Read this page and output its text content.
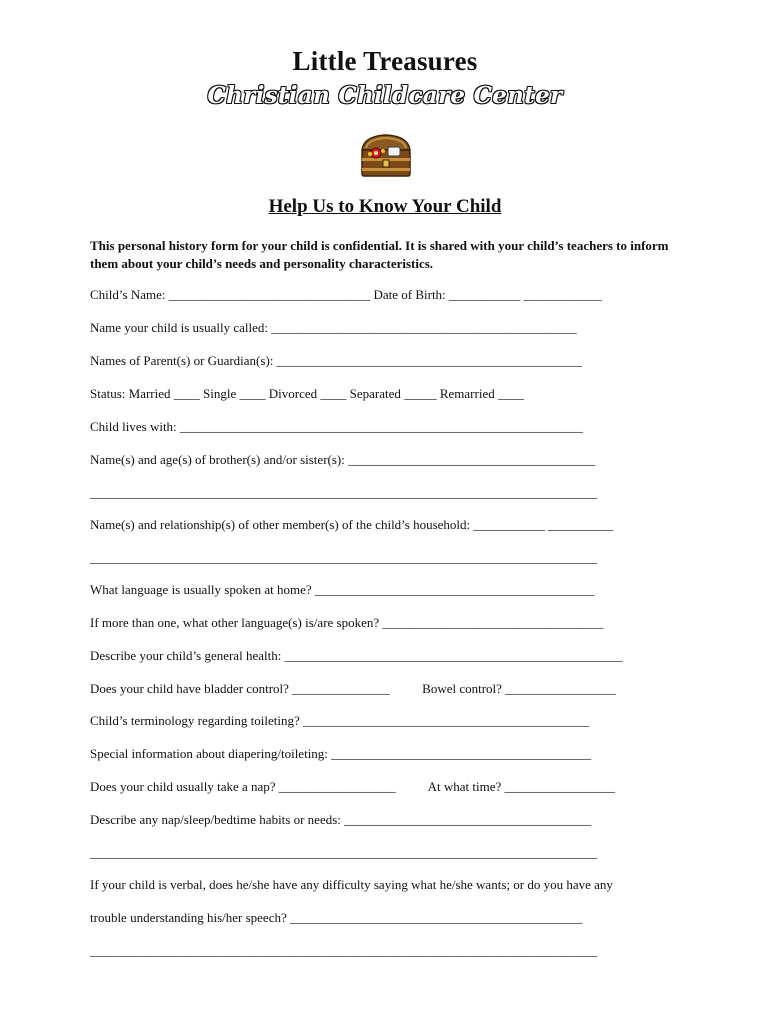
Little Treasures
Christian Childcare Center
Help Us to Know Your Child
This personal history form for your child is confidential. It is shared with your child’s teachers to inform them about your child’s needs and personality characteristics.
Child’s Name: _______________________________ Date of Birth: ___________ ____________
Name your child is usually called: _______________________________________________
Names of Parent(s) or Guardian(s): _______________________________________________
Status: Married ____ Single ____ Divorced ____ Separated _____ Remarried ____
Child lives with: ______________________________________________________________
Name(s) and age(s) of brother(s) and/or sister(s): ______________________________________
______________________________________________________________________________
Name(s) and relationship(s) of other member(s) of the child’s household: ___________ __________
______________________________________________________________________________
What language is usually spoken at home? ___________________________________________
If more than one, what other language(s) is/are spoken? __________________________________
Describe your child’s general health: ____________________________________________________
Does your child have bladder control? _______________          Bowel control? _________________
Child’s terminology regarding toileting? ____________________________________________
Special information about diapering/toileting: ________________________________________
Does your child usually take a nap? __________________          At what time? _________________
Describe any nap/sleep/bedtime habits or needs: ______________________________________
______________________________________________________________________________
If your child is verbal, does he/she have any difficulty saying what he/she wants; or do you have any
trouble understanding his/her speech? _____________________________________________
______________________________________________________________________________
